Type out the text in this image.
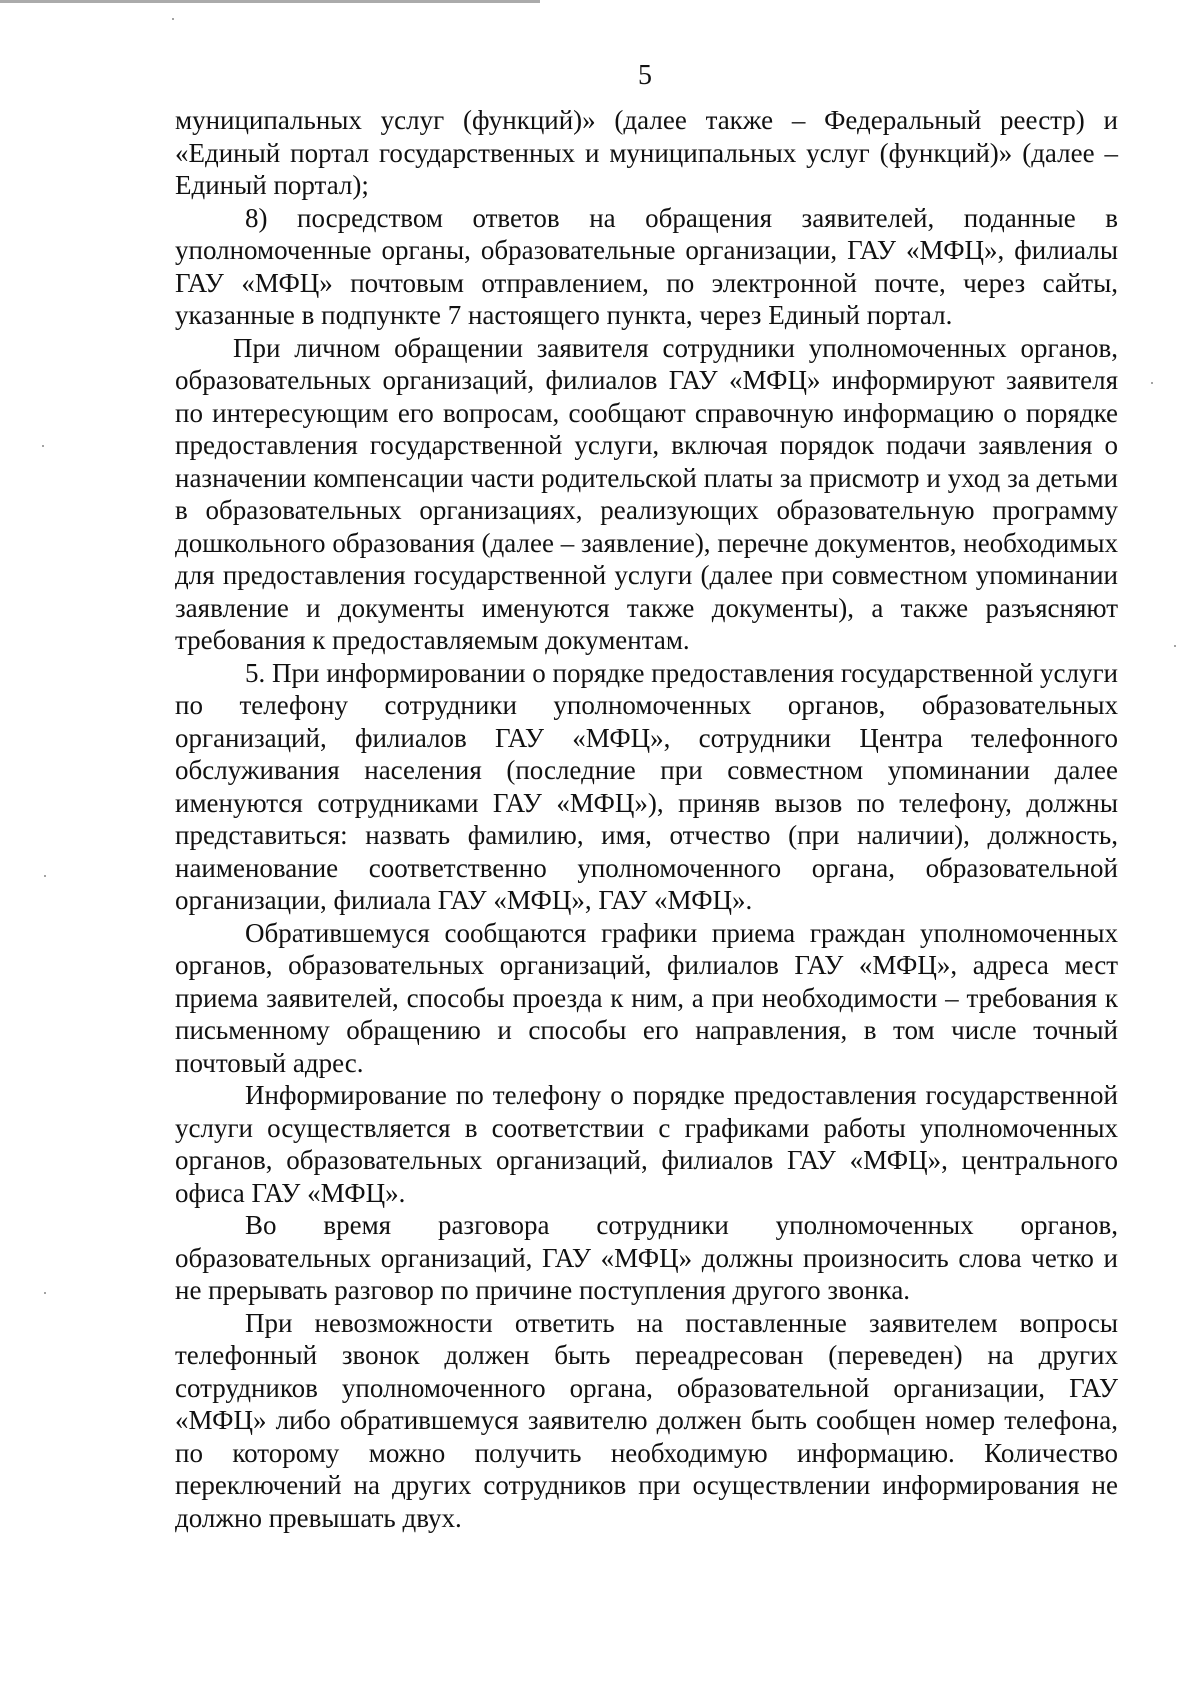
5

муниципальных услуг (функций)» (далее также – Федеральный реестр) и «Единый портал государственных и муниципальных услуг (функций)» (далее – Единый портал);

8) посредством ответов на обращения заявителей, поданные в уполномоченные органы, образовательные организации, ГАУ «МФЦ», филиалы ГАУ «МФЦ» почтовым отправлением, по электронной почте, через сайты, указанные в подпункте 7 настоящего пункта, через Единый портал.

При личном обращении заявителя сотрудники уполномоченных органов, образовательных организаций, филиалов ГАУ «МФЦ» информируют заявителя по интересующим его вопросам, сообщают справочную информацию о порядке предоставления государственной услуги, включая порядок подачи заявления о назначении компенсации части родительской платы за присмотр и уход за детьми в образовательных организациях, реализующих образовательную программу дошкольного образования (далее – заявление), перечне документов, необходимых для предоставления государственной услуги (далее при совместном упоминании заявление и документы именуются также документы), а также разъясняют требования к предоставляемым документам.

5. При информировании о порядке предоставления государственной услуги по телефону сотрудники уполномоченных органов, образовательных организаций, филиалов ГАУ «МФЦ», сотрудники Центра телефонного обслуживания населения (последние при совместном упоминании далее именуются сотрудниками ГАУ «МФЦ»), приняв вызов по телефону, должны представиться: назвать фамилию, имя, отчество (при наличии), должность, наименование соответственно уполномоченного органа, образовательной организации, филиала ГАУ «МФЦ», ГАУ «МФЦ».

Обратившемуся сообщаются графики приема граждан уполномоченных органов, образовательных организаций, филиалов ГАУ «МФЦ», адреса мест приема заявителей, способы проезда к ним, а при необходимости – требования к письменному обращению и способы его направления, в том числе точный почтовый адрес.

Информирование по телефону о порядке предоставления государственной услуги осуществляется в соответствии с графиками работы уполномоченных органов, образовательных организаций, филиалов ГАУ «МФЦ», центрального офиса ГАУ «МФЦ».

Во время разговора сотрудники уполномоченных органов, образовательных организаций, ГАУ «МФЦ» должны произносить слова четко и не прерывать разговор по причине поступления другого звонка.

При невозможности ответить на поставленные заявителем вопросы телефонный звонок должен быть переадресован (переведен) на других сотрудников уполномоченного органа, образовательной организации, ГАУ «МФЦ» либо обратившемуся заявителю должен быть сообщен номер телефона, по которому можно получить необходимую информацию. Количество переключений на других сотрудников при осуществлении информирования не должно превышать двух.
